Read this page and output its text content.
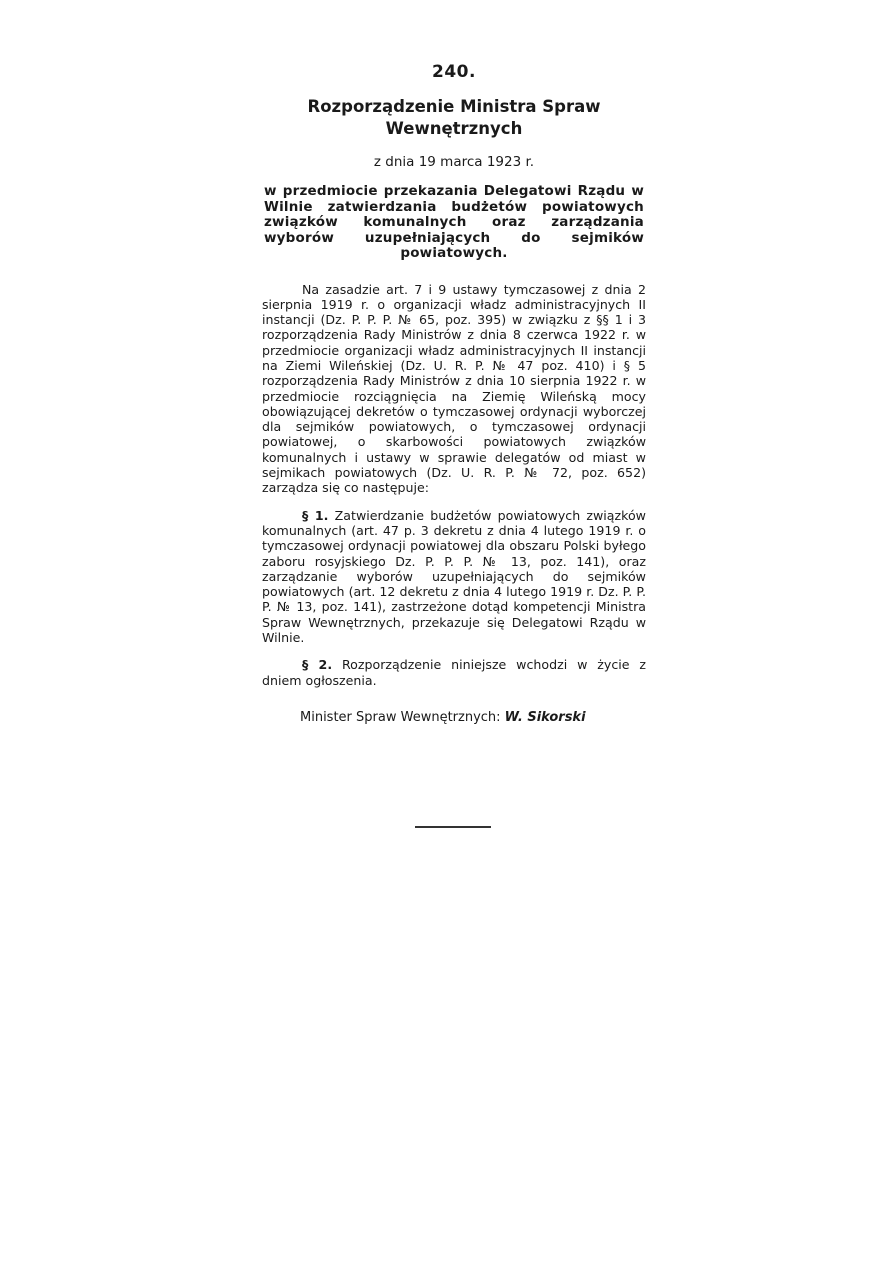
240.
Rozporządzenie Ministra Spraw
Wewnętrznych
z dnia 19 marca 1923 r.
w przedmiocie przekazania Delegatowi Rządu w Wilnie zatwierdzania budżetów powiatowych związków komunalnych oraz zarządzania wyborów uzupełniających do sejmików powiatowych.

Na zasadzie art. 7 i 9 ustawy tymczasowej z dnia 2 sierpnia 1919 r. o organizacji władz administracyjnych II instancji (Dz. P. P. P. № 65, poz. 395) w związku z §§ 1 i 3 rozporządzenia Rady Ministrów z dnia 8 czerwca 1922 r. w przedmiocie organizacji władz administracyjnych II instancji na Ziemi Wileńskiej (Dz. U. R. P. № 47 poz. 410) i § 5 rozporządzenia Rady Ministrów z dnia 10 sierpnia 1922 r. w przedmiocie rozciągnięcia na Ziemię Wileńską mocy obowiązującej dekretów o tymczasowej ordynacji wyborczej dla sejmików powiatowych, o tymczasowej ordynacji powiatowej, o skarbowości powiatowych związków komunalnych i ustawy w sprawie delegatów od miast w sejmikach powiatowych (Dz. U. R. P. № 72, poz. 652) zarządza się co następuje:

§ 1. Zatwierdzanie budżetów powiatowych związków komunalnych (art. 47 p. 3 dekretu z dnia 4 lutego 1919 r. o tymczasowej ordynacji powiatowej dla obszaru Polski byłego zaboru rosyjskiego Dz. P. P. P. № 13, poz. 141), oraz zarządzanie wyborów uzupełniających do sejmików powiatowych (art. 12 dekretu z dnia 4 lutego 1919 r. Dz. P. P. P. № 13, poz. 141), zastrzeżone dotąd kompetencji Ministra Spraw Wewnętrznych, przekazuje się Delegatowi Rządu w Wilnie.

§ 2. Rozporządzenie niniejsze wchodzi w życie z dniem ogłoszenia.

Minister Spraw Wewnętrznych: W. Sikorski
